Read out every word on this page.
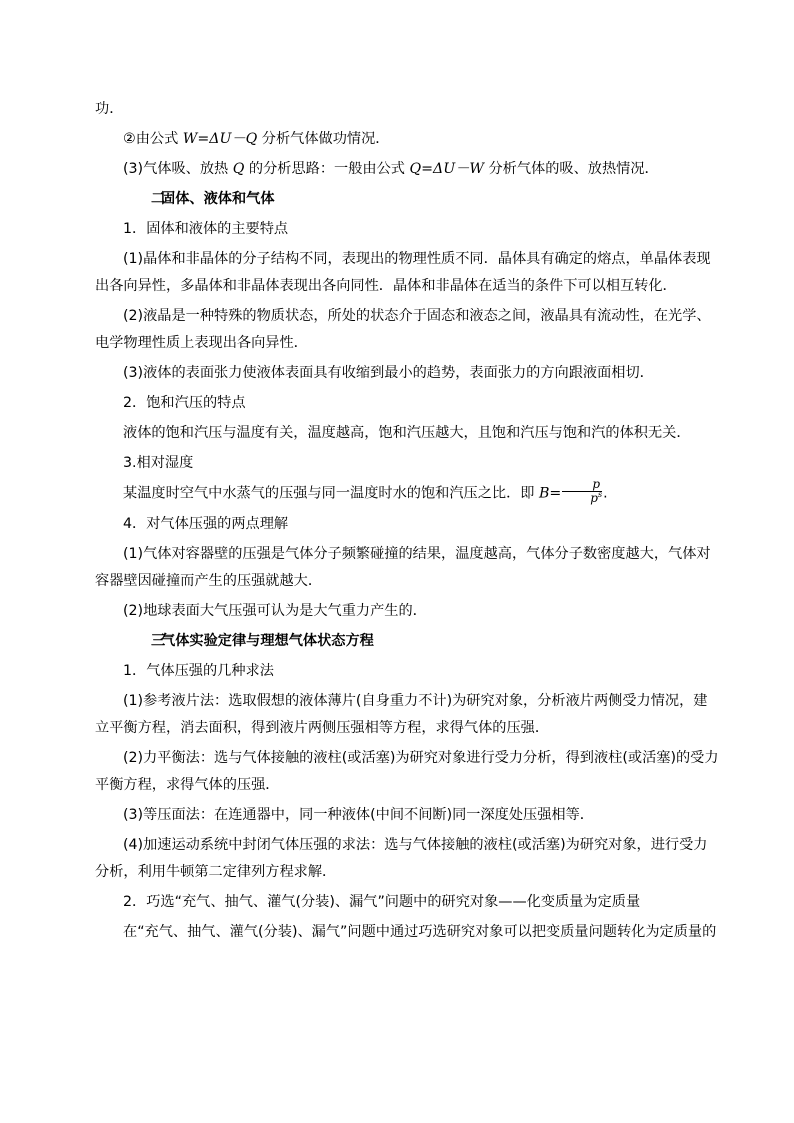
功．

②由公式 W=ΔU－Q 分析气体做功情况．

(3)气体吸、放热 Q 的分析思路：一般由公式 Q=ΔU－W 分析气体的吸、放热情况．

二固体、液体和气体

1．固体和液体的主要特点

(1)晶体和非晶体的分子结构不同，表现出的物理性质不同．晶体具有确定的熔点，单晶体表现

出各向异性，多晶体和非晶体表现出各向同性．晶体和非晶体在适当的条件下可以相互转化．

(2)液晶是一种特殊的物质状态，所处的状态介于固态和液态之间，液晶具有流动性，在光学、

电学物理性质上表现出各向异性．

(3)液体的表面张力使液体表面具有收缩到最小的趋势，表面张力的方向跟液面相切．

2．饱和汽压的特点

液体的饱和汽压与温度有关，温度越高，饱和汽压越大，且饱和汽压与饱和汽的体积无关．

3.相对湿度

某温度时空气中水蒸气的压强与同一温度时水的饱和汽压之比．即 $B= \frac{p}{p^s}$ .

4．对气体压强的两点理解

(1)气体对容器壁的压强是气体分子频繁碰撞的结果，温度越高，气体分子数密度越大，气体对

容器壁因碰撞而产生的压强就越大．

(2)地球表面大气压强可认为是大气重力产生的．

三气体实验定律与理想气体状态方程

1．气体压强的几种求法

(1)参考液片法：选取假想的液体薄片(自身重力不计)为研究对象，分析液片两侧受力情况，建

立平衡方程，消去面积，得到液片两侧压强相等方程，求得气体的压强．

(2)力平衡法：选与气体接触的液柱(或活塞)为研究对象进行受力分析，得到液柱(或活塞)的受力

平衡方程，求得气体的压强．

(3)等压面法：在连通器中，同一种液体(中间不间断)同一深度处压强相等．

(4)加速运动系统中封闭气体压强的求法：选与气体接触的液柱(或活塞)为研究对象，进行受力

分析，利用牛顿第二定律列方程求解．

2．巧选“充气、抽气、灌气(分装)、漏气”问题中的研究对象——化变质量为定质量

在“充气、抽气、灌气(分装)、漏气”问题中通过巧选研究对象可以把变质量问题转化为定质量的
